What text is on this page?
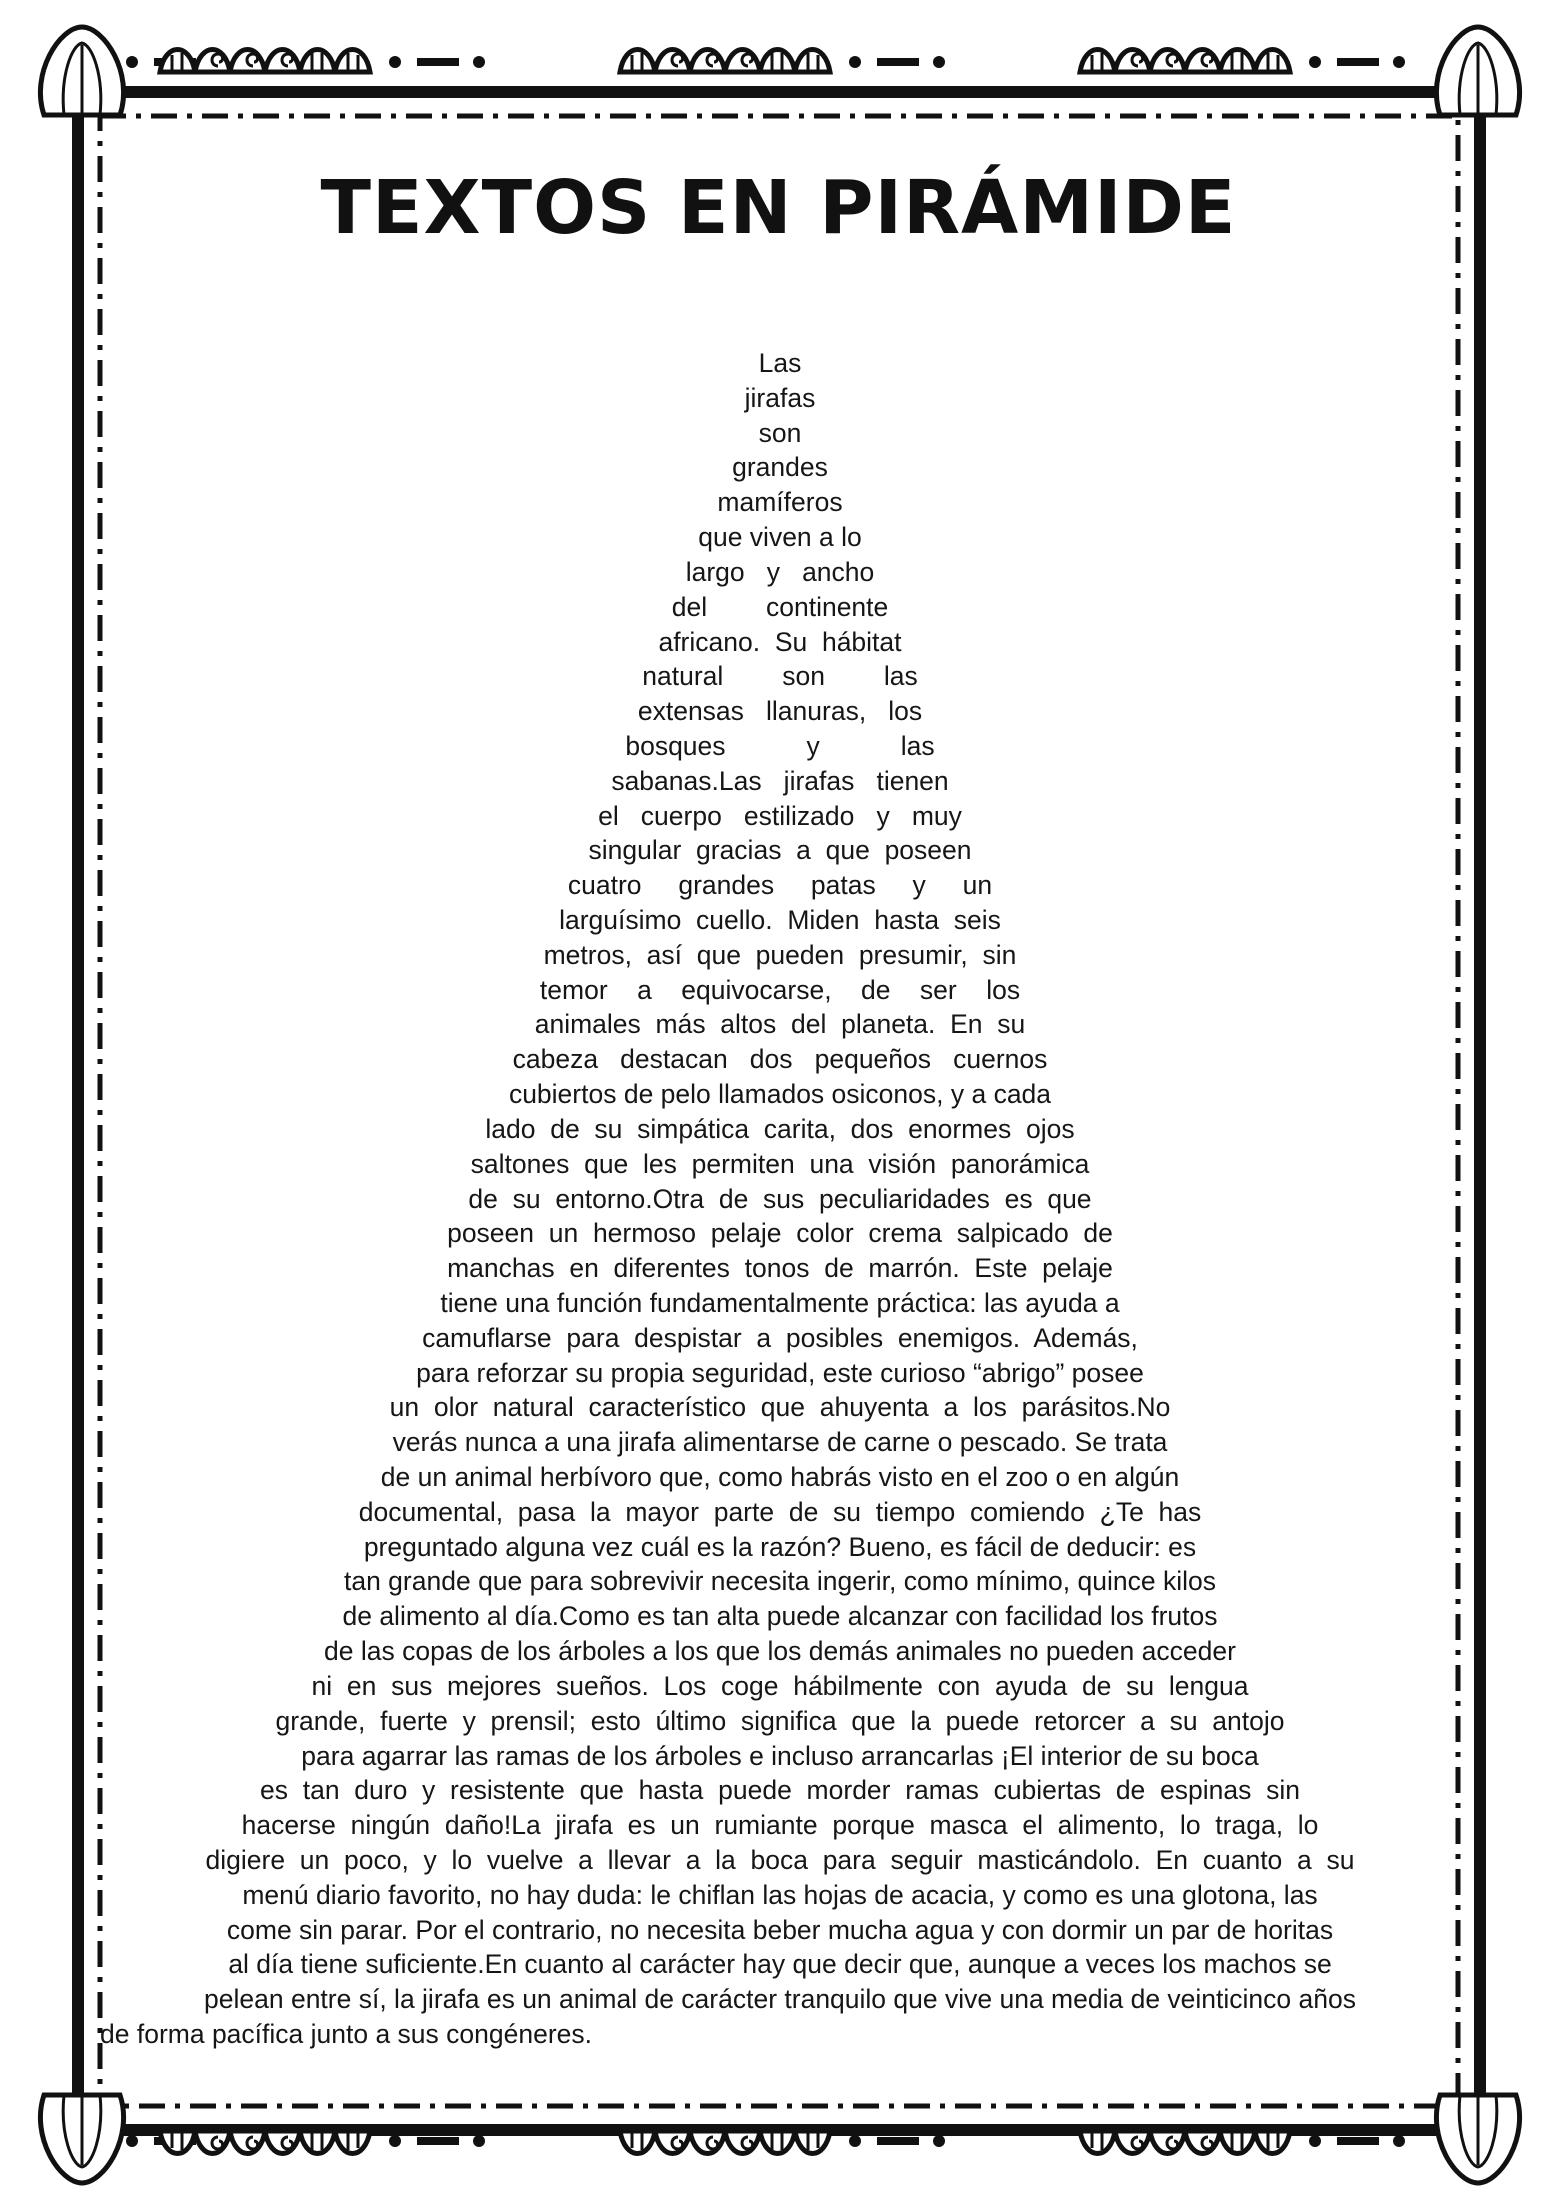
TEXTOS EN PIRÁMIDE
Las
jirafas
son
grandes
mamíferos
que viven a lo
largo   y   ancho
del        continente
africano.  Su  hábitat
natural        son        las
extensas   llanuras,   los
bosques           y           las
sabanas.Las   jirafas   tienen
el   cuerpo   estilizado   y   muy
singular  gracias  a  que  poseen
cuatro     grandes     patas     y     un
larguísimo  cuello.  Miden  hasta  seis
metros,  así  que  pueden  presumir,  sin
temor    a    equivocarse,    de    ser    los
animales  más  altos  del  planeta.  En  su
cabeza   destacan   dos   pequeños   cuernos
cubiertos de pelo llamados osiconos, y a cada
lado  de  su  simpática  carita,  dos  enormes  ojos
saltones  que  les  permiten  una  visión  panorámica
de  su  entorno.Otra  de  sus  peculiaridades  es  que
poseen  un  hermoso  pelaje  color  crema  salpicado  de
manchas  en  diferentes  tonos  de  marrón.  Este  pelaje
tiene una función fundamentalmente práctica: las ayuda a
camuflarse  para  despistar  a  posibles  enemigos.  Además,
para reforzar su propia seguridad, este curioso “abrigo” posee
un  olor  natural  característico  que  ahuyenta  a  los  parásitos.No
verás nunca a una jirafa alimentarse de carne o pescado. Se trata
de un animal herbívoro que, como habrás visto en el zoo o en algún
documental,  pasa  la  mayor  parte  de  su  tiempo  comiendo  ¿Te  has
preguntado alguna vez cuál es la razón? Bueno, es fácil de deducir: es
tan grande que para sobrevivir necesita ingerir, como mínimo, quince kilos
de alimento al día.Como es tan alta puede alcanzar con facilidad los frutos
de las copas de los árboles a los que los demás animales no pueden acceder
ni  en  sus  mejores  sueños.  Los  coge  hábilmente  con  ayuda  de  su  lengua
grande,  fuerte  y  prensil;  esto  último  significa  que  la  puede  retorcer  a  su  antojo
para agarrar las ramas de los árboles e incluso arrancarlas ¡El interior de su boca
es  tan  duro  y  resistente  que  hasta  puede  morder  ramas  cubiertas  de  espinas  sin
hacerse  ningún  daño!La  jirafa  es  un  rumiante  porque  masca  el  alimento,  lo  traga,  lo
digiere  un  poco,  y  lo  vuelve  a  llevar  a  la  boca  para  seguir  masticándolo.  En  cuanto  a  su
menú diario favorito, no hay duda: le chiflan las hojas de acacia, y como es una glotona, las
come sin parar. Por el contrario, no necesita beber mucha agua y con dormir un par de horitas
al día tiene suficiente.En cuanto al carácter hay que decir que, aunque a veces los machos se
pelean entre sí, la jirafa es un animal de carácter tranquilo que vive una media de veinticinco años
de forma pacífica junto a sus congéneres.
